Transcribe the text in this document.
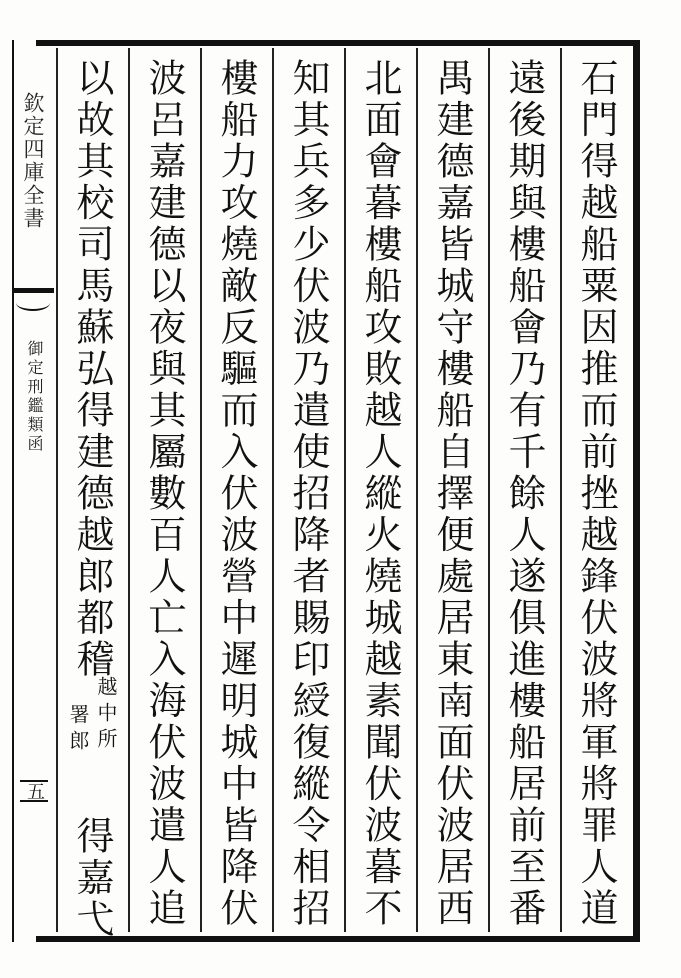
欽定四庫全書
御定刑鑑類函
五	石門得越船粟因推而前挫越鋒伏波將軍將罪人道
遠後期與樓船會乃有千餘人遂俱進樓船居前至番
禺建德嘉皆城守樓船自擇便處居東南面伏波居西
北面會暮樓船攻敗越人縱火燒城越素聞伏波暮不
知其兵多少伏波乃遣使招降者賜印綬復縱令相招
樓船力攻燒敵反驅而入伏波營中遲明城中皆降伏
波呂嘉建德以夜與其屬數百人亡入海伏波遣人追
以故其校司馬蘇弘得建德越郎都稽
越中所
署郎
得嘉弋
